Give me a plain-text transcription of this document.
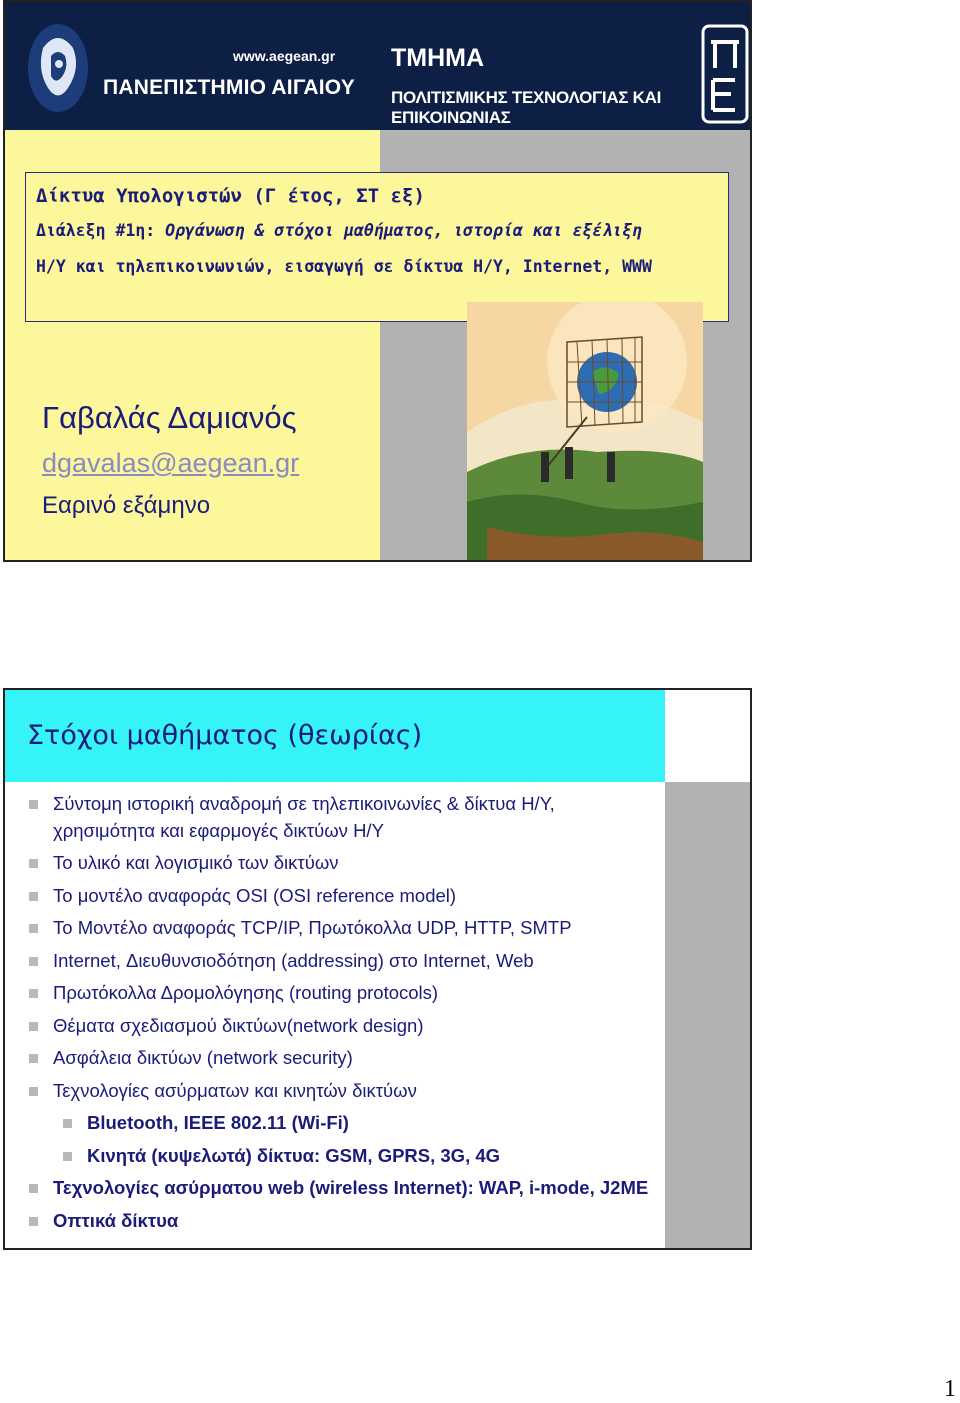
www.aegean.gr
ΠΑΝΕΠΙΣΤΗΜΙΟ ΑΙΓΑΙΟΥ
ΤΜΗΜΑ
ΠΟΛΙΤΙΣΜΙΚΗΣ ΤΕΧΝΟΛΟΓΙΑΣ ΚΑΙ ΕΠΙΚΟΙΝΩΝΙΑΣ
Δίκτυα Υπολογιστών (Γ έτος, ΣΤ εξ)
Διάλεξη #1η: Οργάνωση & στόχοι μαθήματος, ιστορία και εξέλιξη
Η/Υ και τηλεπικοινωνιών, εισαγωγή σε δίκτυα Η/Υ, Internet, WWW
Γαβαλάς Δαμιανός
dgavalas@aegean.gr
Εαρινό εξάμηνο
Στόχοι μαθήματος (θεωρίας)
Σύντομη ιστορική αναδρομή σε τηλεπικοινωνίες & δίκτυα Η/Υ,
χρησιμότητα και εφαρμογές δικτύων Η/Υ
Το υλικό και λογισμικό των δικτύων
Το μοντέλο αναφοράς OSI (OSI reference model)
Το Μοντέλο αναφοράς TCP/IP, Πρωτόκολλα UDP, HTTP, SMTP
Internet, Διευθυνσιοδότηση (addressing) στο Internet, Web
Πρωτόκολλα Δρομολόγησης (routing protocols)
Θέματα σχεδιασμού δικτύων(network design)
Ασφάλεια δικτύων (network security)
Τεχνολογίες ασύρματων και κινητών δικτύων
Bluetooth, IEEE 802.11 (Wi-Fi)
Κινητά (κυψελωτά) δίκτυα: GSM, GPRS, 3G, 4G
Τεχνολογίες ασύρματου web (wireless Internet): WAP, i-mode, J2ME
Οπτικά δίκτυα
1
